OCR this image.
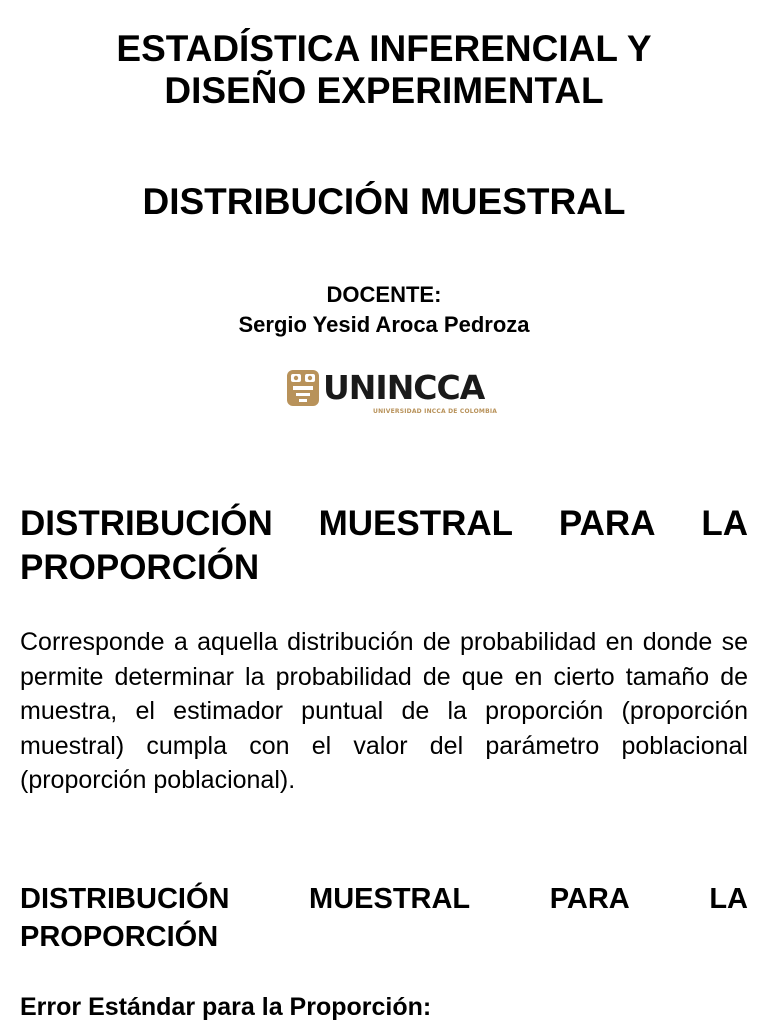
ESTADÍSTICA INFERENCIAL Y
DISEÑO EXPERIMENTAL
DISTRIBUCIÓN MUESTRAL
DOCENTE:
Sergio Yesid Aroca Pedroza
UNINCCA
UNIVERSIDAD INCCA DE COLOMBIA
DISTRIBUCIÓN MUESTRAL PARA LA
PROPORCIÓN

Corresponde a aquella distribución de probabilidad en donde se permite determinar la probabilidad de que en cierto tamaño de muestra, el estimador puntual de la proporción (proporción muestral) cumpla con el valor del parámetro poblacional (proporción poblacional).

DISTRIBUCIÓN	MUESTRAL	PARA	LA
PROPORCIÓN
Error Estándar para la Proporción:
